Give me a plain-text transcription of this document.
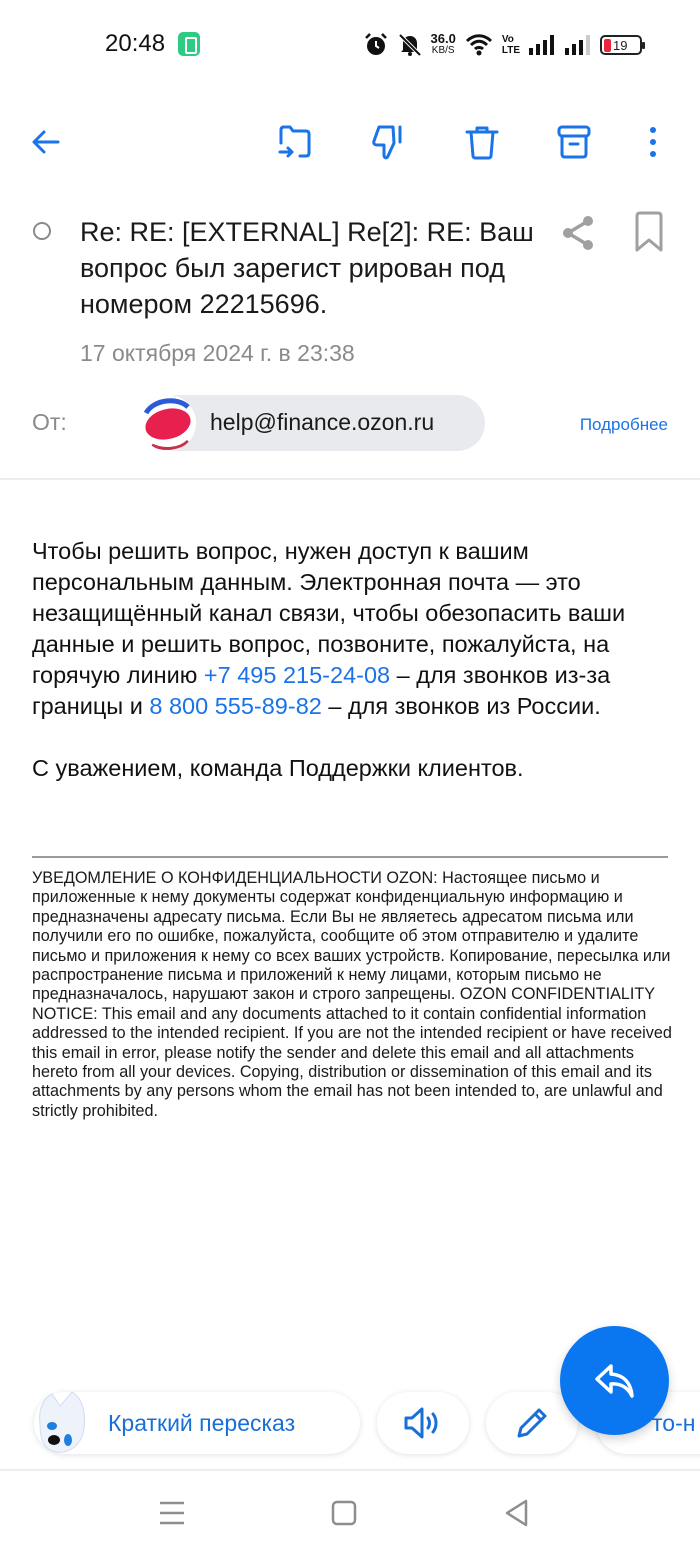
20:48	36.0
KB/S
Vo
LTE	19
Re: RE: [EXTERNAL] Re[2]: RE: Ваш вопрос был зарегист рирован под номером 22215696.
17 октября 2024 г. в 23:38
От:	help@finance.ozon.ru	Подробнее

Чтобы решить вопрос, нужен доступ к вашим персональным данным. Электронная почта — это незащищённый канал связи, чтобы обезопасить ваши данные и решить вопрос, позвоните, пожалуйста, на горячую линию +7 495 215-24-08 – для звонков из-за границы и 8 800 555-89-82 – для звонков из России.

С уважением, команда Поддержки клиентов.

УВЕДОМЛЕНИЕ О КОНФИДЕНЦИАЛЬНОСТИ OZON: Настоящее письмо и приложенные к нему документы содержат конфиденциальную информацию и предназначены адресату письма. Если Вы не являетесь адресатом письма или получили его по ошибке, пожалуйста, сообщите об этом отправителю и удалите письмо и приложения к нему со всех ваших устройств. Копирование, пересылка или распространение письма и приложений к нему лицами, которым письмо не предназначалось, нарушают закон и строго запрещены. OZON CONFIDENTIALITY NOTICE: This email and any documents attached to it contain confidential information addressed to the intended recipient. If you are not the intended recipient or have received this email in error, please notify the sender and delete this email and all attachments hereto from all your devices. Copying, distribution or dissemination of this email and its attachments by any persons whom the email has not been intended to, are unlawful and strictly prohibited.
то-н
Краткий пересказ
